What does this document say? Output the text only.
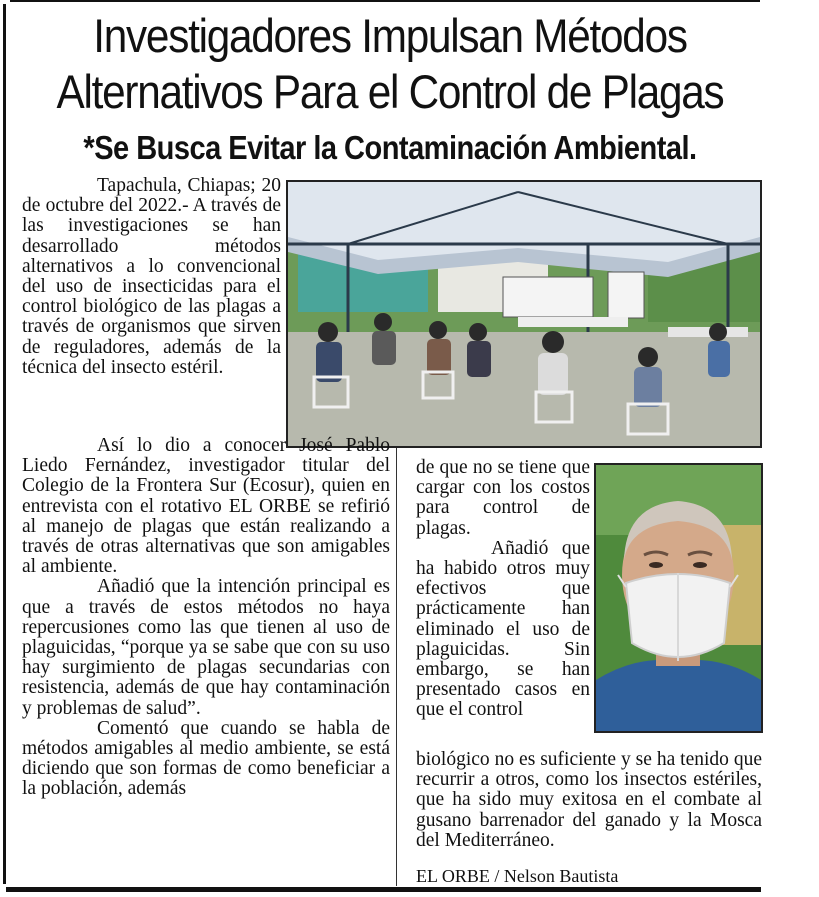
Investigadores Impulsan Métodos
Alternativos Para el Control de Plagas
*Se Busca Evitar la Contaminación Ambiental.

Tapachula, Chiapas; 20 de octubre del 2022.- A través de las investigaciones se han desarrollado métodos alternativos a lo convencional del uso de insecticidas para el control biológico de las plagas a través de organismos que sirven de reguladores, además de la técnica del insecto estéril.

Así lo dio a conocer José Pablo Liedo Fernández, investigador titular del Colegio de la Frontera Sur (Ecosur), quien en entrevista con el rotativo EL ORBE se refirió al manejo de plagas que están realizando a través de otras alternativas que son amigables al ambiente.

Añadió que la intención principal es que a través de estos métodos no haya repercusiones como las que tienen al uso de plaguicidas, “porque ya se sabe que con su uso hay surgimiento de plagas secundarias con resistencia, además de que hay contaminación y problemas de salud”.

Comentó que cuando se habla de métodos amigables al medio ambiente, se está diciendo que son formas de como beneficiar a la población, además

de que no se tiene que cargar con los costos para control de plagas.

Añadió que ha habido otros muy efectivos que prácticamente han eliminado el uso de plaguicidas. Sin embargo, se han presentado casos en que el control

biológico no es suficiente y se ha tenido que recurrir a otros, como los insectos estériles, que ha sido muy exitosa en el combate al gusano barrenador del ganado y la Mosca del Mediterráneo.

EL ORBE / Nelson Bautista
